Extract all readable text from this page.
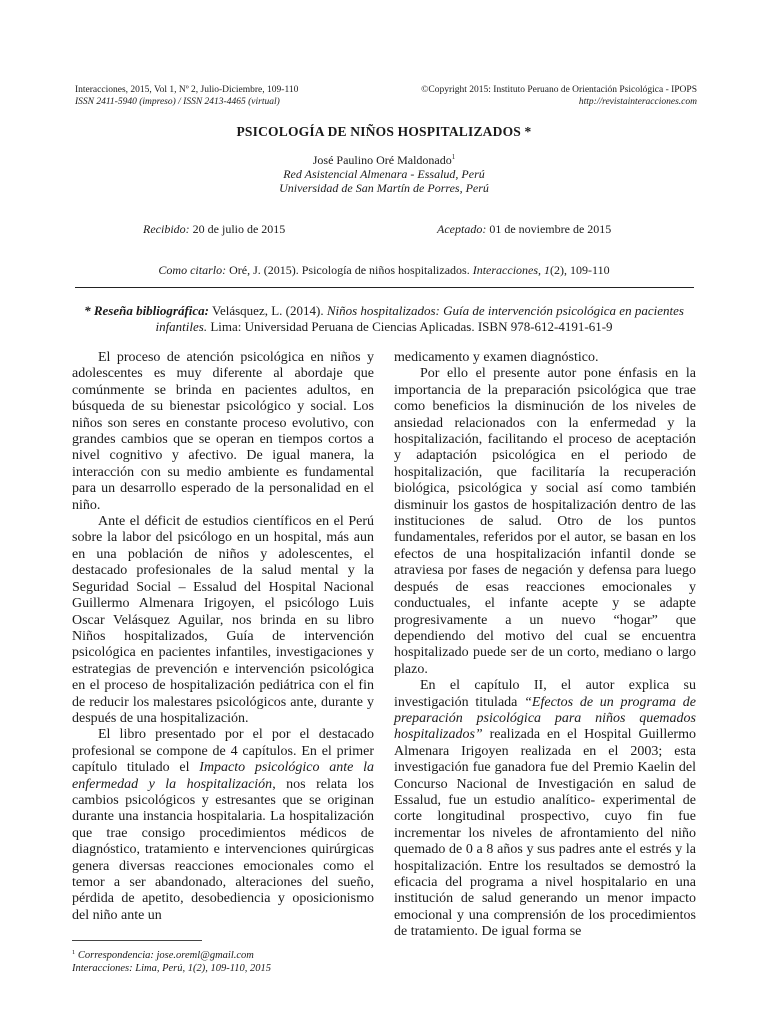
Interacciones, 2015, Vol 1, Nº 2, Julio-Diciembre, 109-110
ISSN 2411-5940 (impreso) / ISSN 2413-4465 (virtual)
©Copyright 2015: Instituto Peruano de Orientación Psicológica - IPOPS
http://revistainteracciones.com
PSICOLOGÍA DE NIÑOS HOSPITALIZADOS *
José Paulino Oré Maldonado$^1$
Red Asistencial Almenara - Essalud, Perú
Universidad de San Martín de Porres, Perú
Recibido: 20 de julio de 2015	Aceptado: 01 de noviembre de 2015
Como citarlo: Oré, J. (2015). Psicología de niños hospitalizados. Interacciones, 1(2), 109-110
* Reseña bibliográfica: Velásquez, L. (2014). Niños hospitalizados: Guía de intervención psicológica en pacientes infantiles. Lima: Universidad Peruana de Ciencias Aplicadas. ISBN 978-612-4191-61-9

El proceso de atención psicológica en niños y adolescentes es muy diferente al abordaje que comúnmente se brinda en pacientes adultos, en búsqueda de su bienestar psicológico y social. Los niños son seres en constante proceso evolutivo, con grandes cambios que se operan en tiempos cortos a nivel cognitivo y afectivo. De igual manera, la interacción con su medio ambiente es fundamental para un desarrollo esperado de la personalidad en el niño.

Ante el déficit de estudios científicos en el Perú sobre la labor del psicólogo en un hospital, más aun en una población de niños y adolescentes, el destacado profesionales de la salud mental y la Seguridad Social – Essalud del Hospital Nacional Guillermo Almenara Irigoyen, el psicólogo Luis Oscar Velásquez Aguilar, nos brinda en su libro Niños hospitalizados, Guía de intervención psicológica en pacientes infantiles, investigaciones y estrategias de prevención e intervención psicológica en el proceso de hospitalización pediátrica con el fin de reducir los malestares psicológicos ante, durante y después de una hospitalización.

El libro presentado por el por el destacado profesional se compone de 4 capítulos. En el primer capítulo titulado el Impacto psicológico ante la enfermedad y la hospitalización, nos relata los cambios psicológicos y estresantes que se originan durante una instancia hospitalaria. La hospitalización que trae consigo procedimientos médicos de diagnóstico, tratamiento e intervenciones quirúrgicas genera diversas reacciones emocionales como el temor a ser abandonado, alteraciones del sueño, pérdida de apetito, desobediencia y oposicionismo del niño ante un

medicamento y examen diagnóstico.

Por ello el presente autor pone énfasis en la importancia de la preparación psicológica que trae como beneficios la disminución de los niveles de ansiedad relacionados con la enfermedad y la hospitalización, facilitando el proceso de aceptación y adaptación psicológica en el periodo de hospitalización, que facilitaría la recuperación biológica, psicológica y social así como también disminuir los gastos de hospitalización dentro de las instituciones de salud. Otro de los puntos fundamentales, referidos por el autor, se basan en los efectos de una hospitalización infantil donde se atraviesa por fases de negación y defensa para luego después de esas reacciones emocionales y conductuales, el infante acepte y se adapte progresivamente a un nuevo “hogar” que dependiendo del motivo del cual se encuentra hospitalizado puede ser de un corto, mediano o largo plazo.

En el capítulo II, el autor explica su investigación titulada “Efectos de un programa de preparación psicológica para niños quemados hospitalizados” realizada en el Hospital Guillermo Almenara Irigoyen realizada en el 2003; esta investigación fue ganadora fue del Premio Kaelin del Concurso Nacional de Investigación en salud de Essalud, fue un estudio analítico- experimental de corte longitudinal prospectivo, cuyo fin fue incrementar los niveles de afrontamiento del niño quemado de 0 a 8 años y sus padres ante el estrés y la hospitalización. Entre los resultados se demostró la eficacia del programa a nivel hospitalario en una institución de salud generando un menor impacto emocional y una comprensión de los procedimientos de tratamiento. De igual forma se

$^1$ Correspondencia: jose.oreml@gmail.com
Interacciones: Lima, Perú, 1(2), 109-110, 2015
